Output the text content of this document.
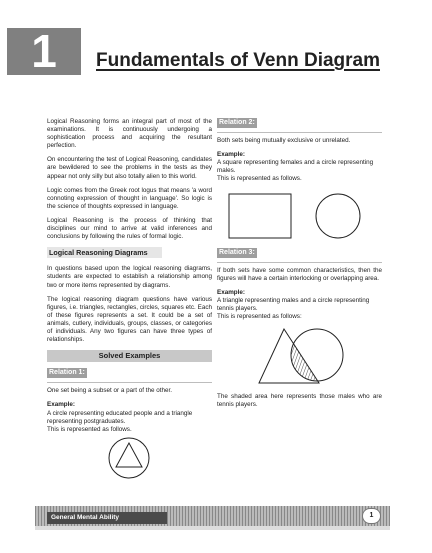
1	Fundamentals of Venn Diagram

Logical Reasoning forms an integral part of most of the examinations. It is continuously undergoing a sophistication process and acquiring the resultant perfection.

On encountering the test of Logical Reasoning, candidates are bewildered to see the problems in the tests as they appear not only silly but also totally alien to this world.

Logic comes from the Greek root logus that means 'a word connoting expression of thought in language'. So logic is the science of thoughts expressed in language.

Logical Reasoning is the process of thinking that disciplines our mind to arrive at valid inferences and conclusions by following the rules of formal logic.

Logical Reasoning Diagrams

In questions based upon the logical reasoning diagrams, students are expected to establish a relationship among two or more items represented by diagrams.

The logical reasoning diagram questions have various figures, i.e. triangles, rectangles, circles, squares etc. Each of these figures represents a set. It could be a set of animals, cutlery, individuals, groups, classes, or categories of individuals. Any two figures can have three types of relationships.

Solved Examples
Relation 1:

One set being a subset or a part of the other.

Example:
A circle representing educated people and a triangle representing postgraduates.
This is represented as follows.
Relation 2:

Both sets being mutually exclusive or unrelated.

Example:
A square representing females and a circle representing males.
This is represented as follows.
Relation 3:

If both sets have some common characteristics, then the figures will have a certain interlocking or overlapping area.

Example:
A triangle representing males and a circle representing tennis players.
This is represented as follows:

The shaded area here represents those males who are tennis players.

General Mental Ability	1
